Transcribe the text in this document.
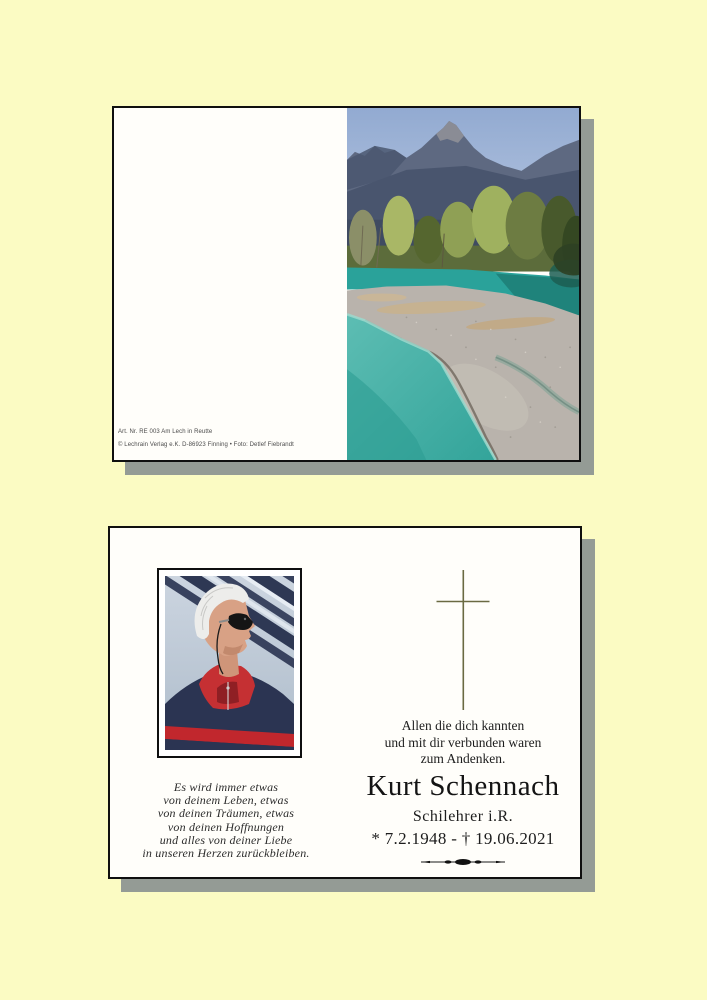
Art. Nr. RE 003 Am Lech in Reutte
© Lechrain Verlag e.K. D-86923 Finning • Foto: Detlef Fiebrandt
Es wird immer etwas
von deinem Leben, etwas
von deinen Träumen, etwas
von deinen Hoffnungen
und alles von deiner Liebe
in unseren Herzen zurückbleiben.
Allen die dich kannten
und mit dir verbunden waren
zum Andenken.
Kurt Schennach
Schilehrer i.R.
* 7.2.1948 - † 19.06.2021
